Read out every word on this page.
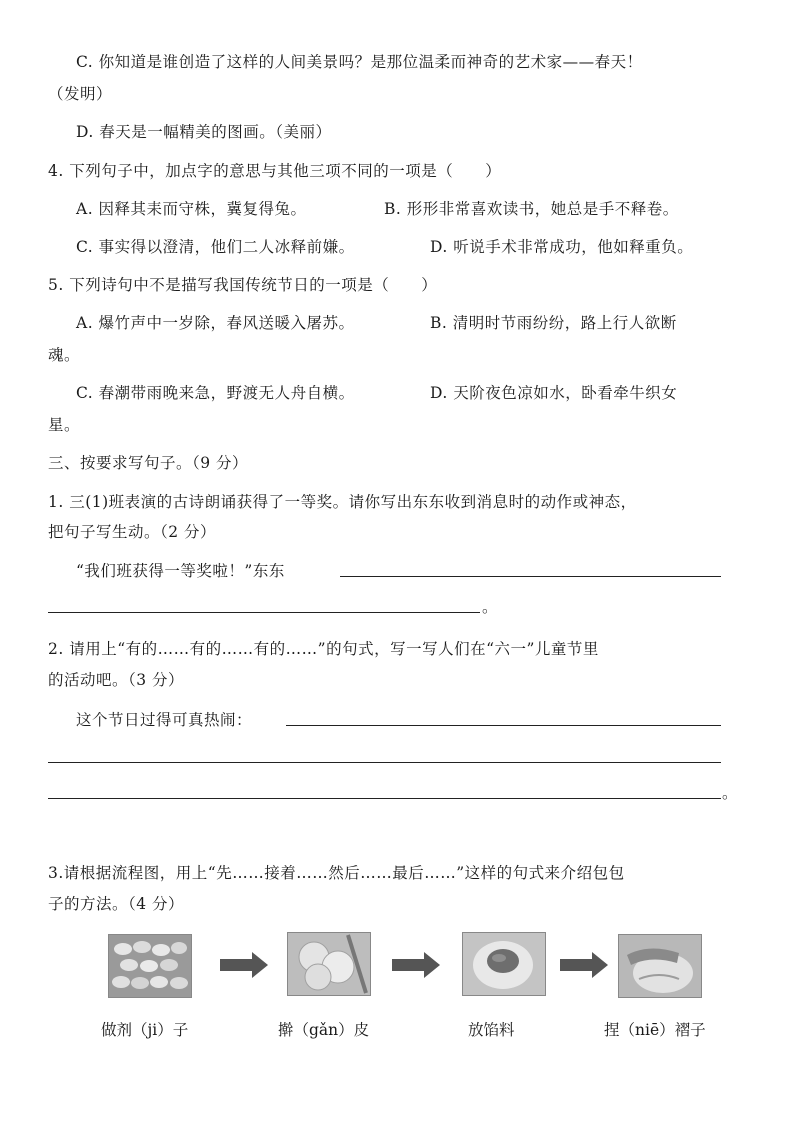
C. 你知道是谁创造了这样的人间美景吗？是那位温柔而神奇的艺术家——春天！
（发明）
D. 春天是一幅精美的图画。（美丽）
4. 下列句子中，加点字的意思与其他三项不同的一项是（　　）
A. 因释其耒而守株，冀复得兔。	B. 形形非常喜欢读书，她总是手不释卷。
C. 事实得以澄清，他们二人冰释前嫌。	D. 听说手术非常成功，他如释重负。
5. 下列诗句中不是描写我国传统节日的一项是（　　）
A. 爆竹声中一岁除，春风送暖入屠苏。	B. 清明时节雨纷纷，路上行人欲断
魂。
C. 春潮带雨晚来急，野渡无人舟自横。	D. 天阶夜色凉如水，卧看牵牛织女
星。
三、按要求写句子。（9 分）
1. 三(1)班表演的古诗朗诵获得了一等奖。请你写出东东收到消息时的动作或神态，
把句子写生动。（2 分）
“我们班获得一等奖啦！”东东
。
2. 请用上“有的……有的……有的……”的句式，写一写人们在“六一”儿童节里
的活动吧。（3 分）
这个节日过得可真热闹：
。
3.请根据流程图，用上“先……接着……然后……最后……”这样的句式来介绍包包
子的方法。（4 分）
做剂（ji）子	擀（gǎn）皮	放馅料	捏（niē）褶子
